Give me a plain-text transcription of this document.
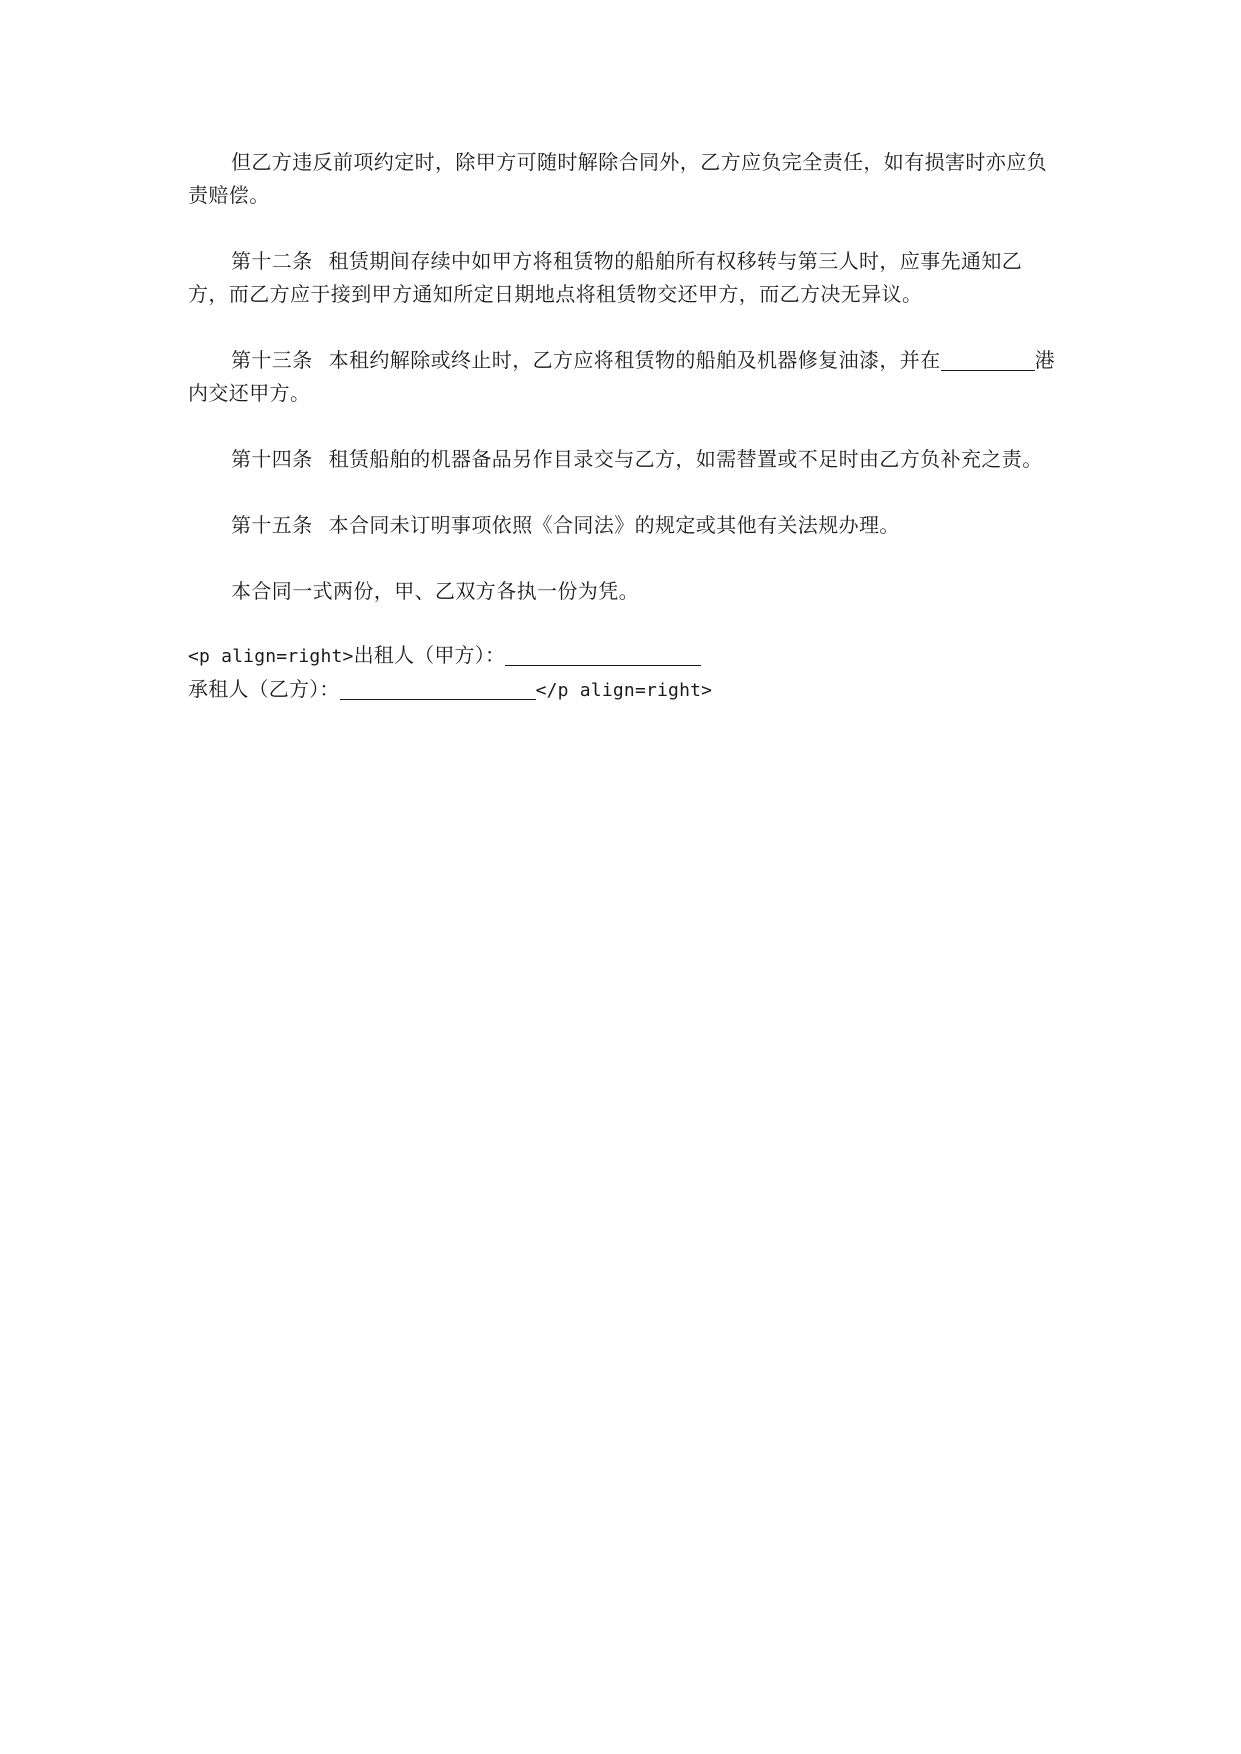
但乙方违反前项约定时，除甲方可随时解除合同外，乙方应负完全责任，如有损害时亦应负责赔偿。

第十二条 租赁期间存续中如甲方将租赁物的船舶所有权移转与第三人时，应事先通知乙方，而乙方应于接到甲方通知所定日期地点将租赁物交还甲方，而乙方决无异议。

第十三条 本租约解除或终止时，乙方应将租赁物的船舶及机器修复油漆，并在	港内交还甲方。

第十四条 租赁船舶的机器备品另作目录交与乙方，如需替置或不足时由乙方负补充之责。

第十五条 本合同未订明事项依照《合同法》的规定或其他有关法规办理。

本合同一式两份，甲、乙双方各执一份为凭。

<p align=right>出租人（甲方）：
承租人（乙方）：	</p align=right>
